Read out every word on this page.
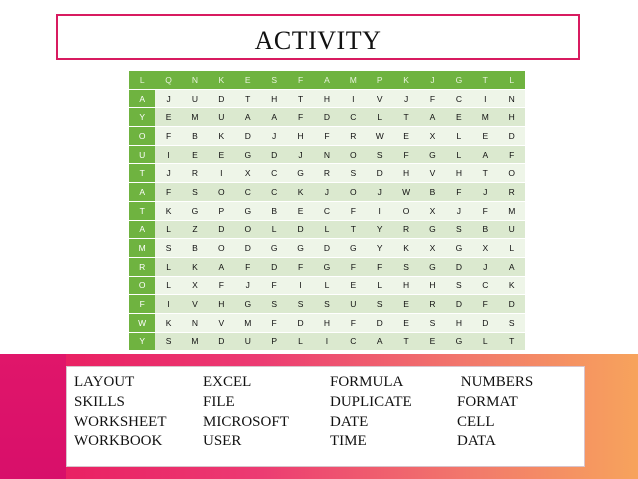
ACTIVITY
L	Q	N	K	E	S	F	A	M	P	K	J	G	T	L
A	J	U	D	T	H	T	H	I	V	J	F	C	I	N
Y	E	M	U	A	A	F	D	C	L	T	A	E	M	H
O	F	B	K	D	J	H	F	R	W	E	X	L	E	D
U	I	E	E	G	D	J	N	O	S	F	G	L	A	F
T	J	R	I	X	C	G	R	S	D	H	V	H	T	O
A	F	S	O	C	C	K	J	O	J	W	B	F	J	R
T	K	G	P	G	B	E	C	F	I	O	X	J	F	M
A	L	Z	D	O	L	D	L	T	Y	R	G	S	B	U
M	S	B	O	D	G	G	D	G	Y	K	X	G	X	L
R	L	K	A	F	D	F	G	F	F	S	G	D	J	A
O	L	X	F	J	F	I	L	E	L	H	H	S	C	K
F	I	V	H	G	S	S	S	U	S	E	R	D	F	D
W	K	N	V	M	F	D	H	F	D	E	S	H	D	S
Y	S	M	D	U	P	L	I	C	A	T	E	G	L	T
LAYOUT
SKILLS
WORKSHEET
WORKBOOK
EXCEL
FILE
MICROSOFT
USER
FORMULA
DUPLICATE
DATE
TIME
NUMBERS
FORMAT
CELL
DATA
